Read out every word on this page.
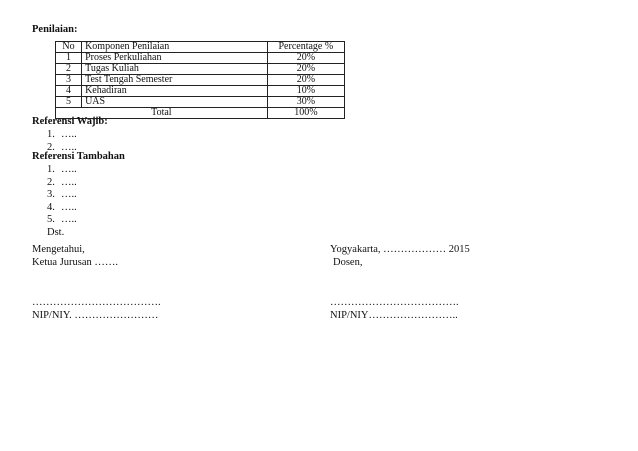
Penilaian:
No	Komponen Penilaian	Percentage %
1	Proses Perkuliahan	20%
2	Tugas Kuliah	20%
3	Test Tengah Semester	20%
4	Kehadiran	10%
5	UAS	30%
Total		100%
Referensi Wajib:
1. …..
2. …..
Referensi Tambahan
1. …..
2. …..
3. …..
4. …..
5. …..
Dst.
Mengetahui,
Ketua Jurusan …….
……………………………….
NIP/NIY. ……………………
Yogyakarta, ……………… 2015
Dosen,
……………………………….
NIP/NIY……………………..
